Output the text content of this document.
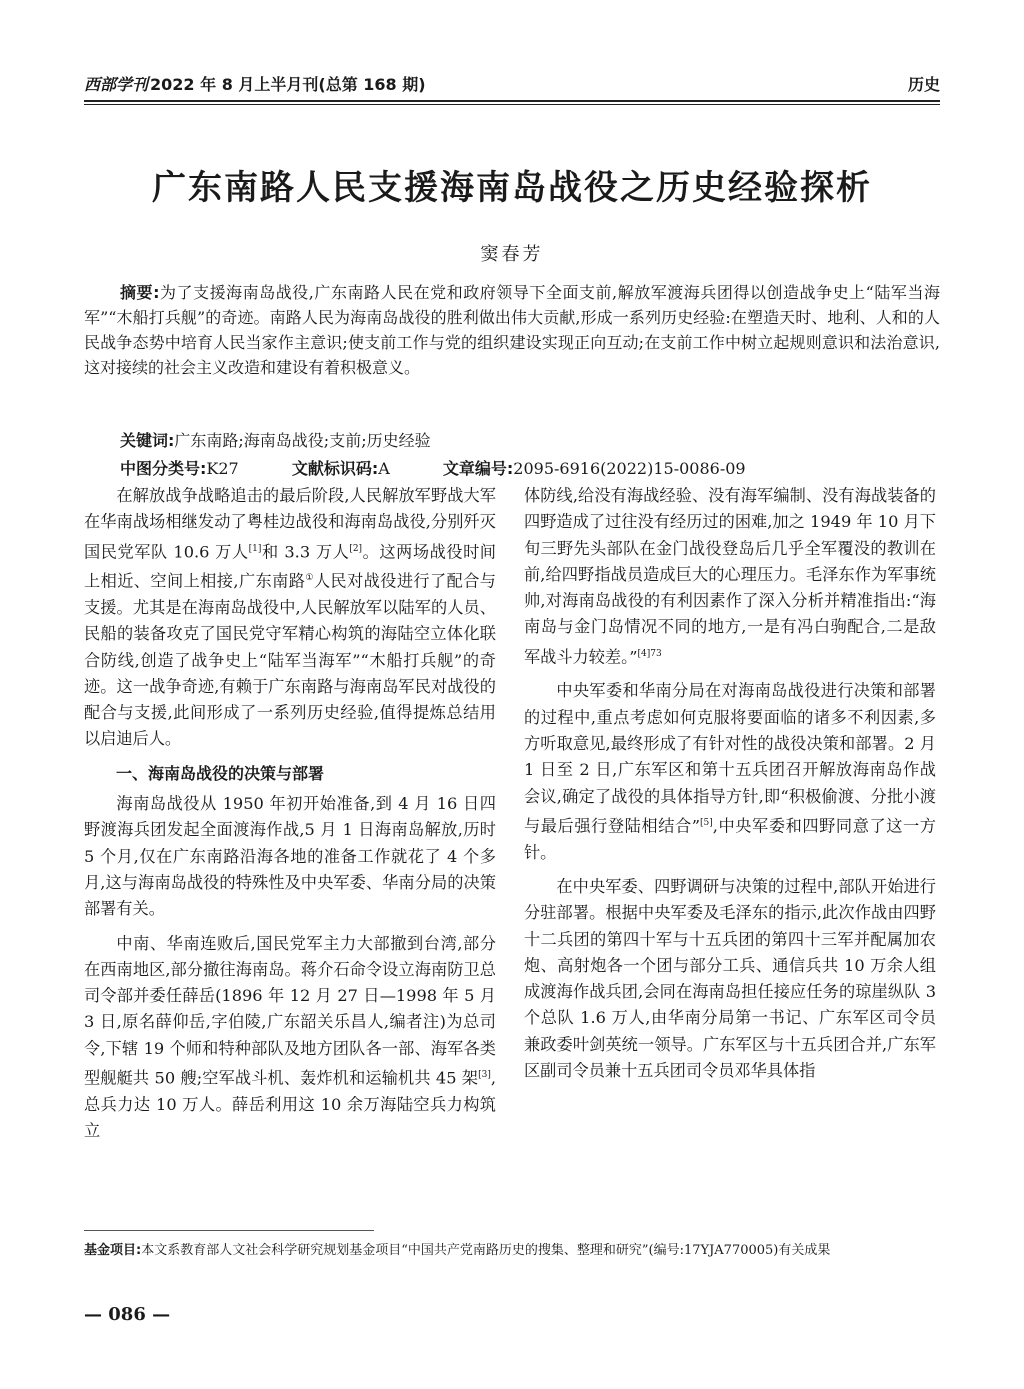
西部学刊 2022 年 8 月上半月刊(总第 168 期)	历史
广东南路人民支援海南岛战役之历史经验探析
窦春芳
摘要:为了支援海南岛战役,广东南路人民在党和政府领导下全面支前,解放军渡海兵团得以创造战争史上“陆军当海军”“木船打兵舰”的奇迹。南路人民为海南岛战役的胜利做出伟大贡献,形成一系列历史经验:在塑造天时、地利、人和的人民战争态势中培育人民当家作主意识;使支前工作与党的组织建设实现正向互动;在支前工作中树立起规则意识和法治意识,这对接续的社会主义改造和建设有着积极意义。
关键词:广东南路;海南岛战役;支前;历史经验
中图分类号:K27	文献标识码:A	文章编号:2095-6916(2022)15-0086-09

在解放战争战略追击的最后阶段,人民解放军野战大军在华南战场相继发动了粤桂边战役和海南岛战役,分别歼灭国民党军队 10.6 万人[1]和 3.3 万人[2]。这两场战役时间上相近、空间上相接,广东南路①人民对战役进行了配合与支援。尤其是在海南岛战役中,人民解放军以陆军的人员、民船的装备攻克了国民党守军精心构筑的海陆空立体化联合防线,创造了战争史上“陆军当海军”“木船打兵舰”的奇迹。这一战争奇迹,有赖于广东南路与海南岛军民对战役的配合与支援,此间形成了一系列历史经验,值得提炼总结用以启迪后人。

一、海南岛战役的决策与部署

海南岛战役从 1950 年初开始准备,到 4 月 16 日四野渡海兵团发起全面渡海作战,5 月 1 日海南岛解放,历时 5 个月,仅在广东南路沿海各地的准备工作就花了 4 个多月,这与海南岛战役的特殊性及中央军委、华南分局的决策部署有关。

中南、华南连败后,国民党军主力大部撤到台湾,部分在西南地区,部分撤往海南岛。蒋介石命令设立海南防卫总司令部并委任薛岳(1896 年 12 月 27 日—1998 年 5 月 3 日,原名薛仰岳,字伯陵,广东韶关乐昌人,编者注)为总司令,下辖 19 个师和特种部队及地方团队各一部、海军各类型舰艇共 50 艘;空军战斗机、轰炸机和运输机共 45 架[3],总兵力达 10 万人。薛岳利用这 10 余万海陆空兵力构筑立

体防线,给没有海战经验、没有海军编制、没有海战装备的四野造成了过往没有经历过的困难,加之 1949 年 10 月下旬三野先头部队在金门战役登岛后几乎全军覆没的教训在前,给四野指战员造成巨大的心理压力。毛泽东作为军事统帅,对海南岛战役的有利因素作了深入分析并精准指出:“海南岛与金门岛情况不同的地方,一是有冯白驹配合,二是敌军战斗力较差。”$^{[4]73}$

中央军委和华南分局在对海南岛战役进行决策和部署的过程中,重点考虑如何克服将要面临的诸多不利因素,多方听取意见,最终形成了有针对性的战役决策和部署。2 月 1 日至 2 日,广东军区和第十五兵团召开解放海南岛作战会议,确定了战役的具体指导方针,即“积极偷渡、分批小渡与最后强行登陆相结合”[5],中央军委和四野同意了这一方针。

在中央军委、四野调研与决策的过程中,部队开始进行分驻部署。根据中央军委及毛泽东的指示,此次作战由四野十二兵团的第四十军与十五兵团的第四十三军并配属加农炮、高射炮各一个团与部分工兵、通信兵共 10 万余人组成渡海作战兵团,会同在海南岛担任接应任务的琼崖纵队 3 个总队 1.6 万人,由华南分局第一书记、广东军区司令员兼政委叶剑英统一领导。广东军区与十五兵团合并,广东军区副司令员兼十五兵团司令员邓华具体指

基金项目:本文系教育部人文社会科学研究规划基金项目“中国共产党南路历史的搜集、整理和研究”(编号:17YJA770005)有关成果
— 086 —
